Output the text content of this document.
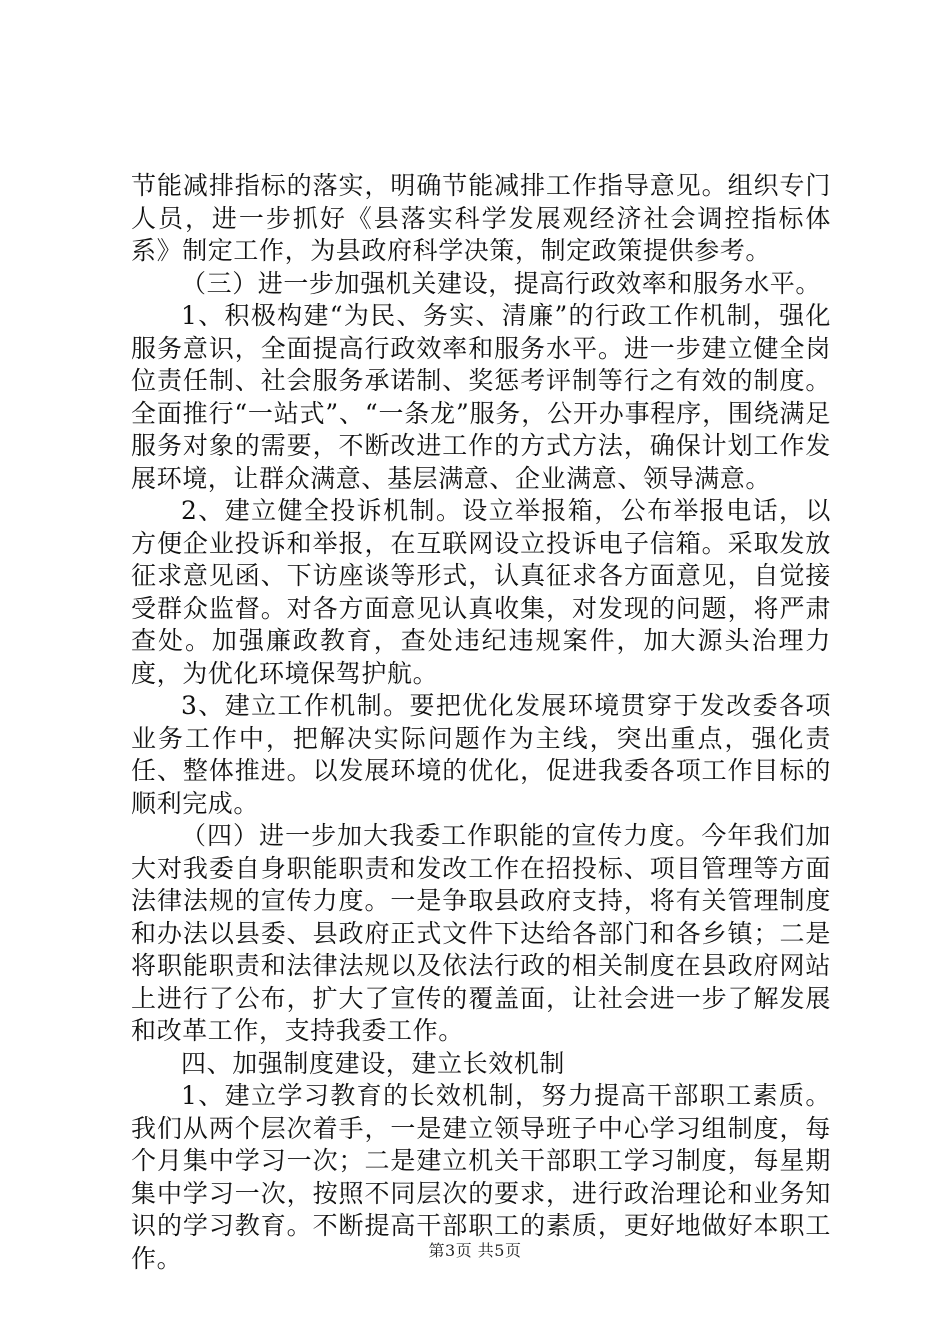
节能减排指标的落实，明确节能减排工作指导意见。组织专门人员，进一步抓好《县落实科学发展观经济社会调控指标体系》制定工作，为县政府科学决策，制定政策提供参考。

（三）进一步加强机关建设，提高行政效率和服务水平。

1、积极构建“为民、务实、清廉”的行政工作机制，强化服务意识，全面提高行政效率和服务水平。进一步建立健全岗位责任制、社会服务承诺制、奖惩考评制等行之有效的制度。全面推行“一站式”、“一条龙”服务，公开办事程序，围绕满足服务对象的需要，不断改进工作的方式方法，确保计划工作发展环境，让群众满意、基层满意、企业满意、领导满意。

2、建立健全投诉机制。设立举报箱，公布举报电话，以方便企业投诉和举报，在互联网设立投诉电子信箱。采取发放征求意见函、下访座谈等形式，认真征求各方面意见，自觉接受群众监督。对各方面意见认真收集，对发现的问题，将严肃查处。加强廉政教育，查处违纪违规案件，加大源头治理力度，为优化环境保驾护航。

3、建立工作机制。要把优化发展环境贯穿于发改委各项业务工作中，把解决实际问题作为主线，突出重点，强化责任、整体推进。以发展环境的优化，促进我委各项工作目标的顺利完成。

（四）进一步加大我委工作职能的宣传力度。今年我们加大对我委自身职能职责和发改工作在招投标、项目管理等方面法律法规的宣传力度。一是争取县政府支持，将有关管理制度和办法以县委、县政府正式文件下达给各部门和各乡镇；二是将职能职责和法律法规以及依法行政的相关制度在县政府网站上进行了公布，扩大了宣传的覆盖面，让社会进一步了解发展和改革工作，支持我委工作。

四、加强制度建设，建立长效机制

1、建立学习教育的长效机制，努力提高干部职工素质。我们从两个层次着手，一是建立领导班子中心学习组制度，每个月集中学习一次；二是建立机关干部职工学习制度，每星期集中学习一次，按照不同层次的要求，进行政治理论和业务知识的学习教育。不断提高干部职工的素质，更好地做好本职工作。	第3页 共5页
